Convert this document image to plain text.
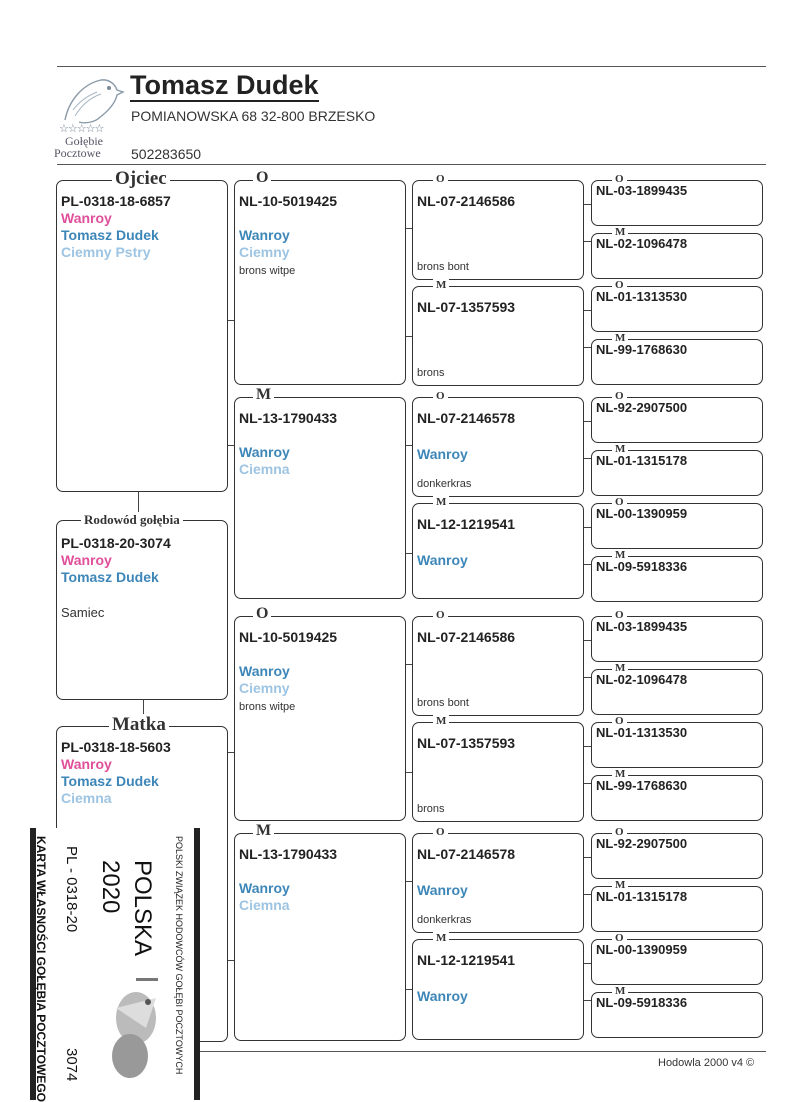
☆☆☆☆☆
Gołębie
Pocztowe
Tomasz Dudek
POMIANOWSKA 68 32-800 BRZESKO
502283650
Ojciec
PL-0318-18-6857
Wanroy
Tomasz Dudek
Ciemny Pstry
Rodowód gołębia
PL-0318-20-3074
Wanroy
Tomasz Dudek
Samiec
Matka
PL-0318-18-5603
Wanroy
Tomasz Dudek
Ciemna
O
NL-10-5019425
Wanroy
Ciemny
brons witpe
M
NL-13-1790433
Wanroy
Ciemna
O
NL-10-5019425
Wanroy
Ciemny
brons witpe
M
NL-13-1790433
Wanroy
Ciemna
O
NL-07-2146586
brons bont
M
NL-07-1357593
brons
O
NL-07-2146578
Wanroy
donkerkras
M
NL-12-1219541
Wanroy
O
NL-07-2146586
brons bont
M
NL-07-1357593
brons
O
NL-07-2146578
Wanroy
donkerkras
M
NL-12-1219541
Wanroy
O
NL-03-1899435
M
NL-02-1096478
O
NL-01-1313530
M
NL-99-1768630
O
NL-92-2907500
M
NL-01-1315178
O
NL-00-1390959
M
NL-09-5918336
O
NL-03-1899435
M
NL-02-1096478
O
NL-01-1313530
M
NL-99-1768630
O
NL-92-2907500
M
NL-01-1315178
O
NL-00-1390959
M
NL-09-5918336
Hodowla 2000 v4 ©
KARTA WŁASNOŚCI GOŁĘBIA POCZTOWEGO PL - 0318-20
3074
2020 POLSKA POLSKI ZWIĄZEK HODOWCÓW GOŁĘBI POCZTOWYCH
